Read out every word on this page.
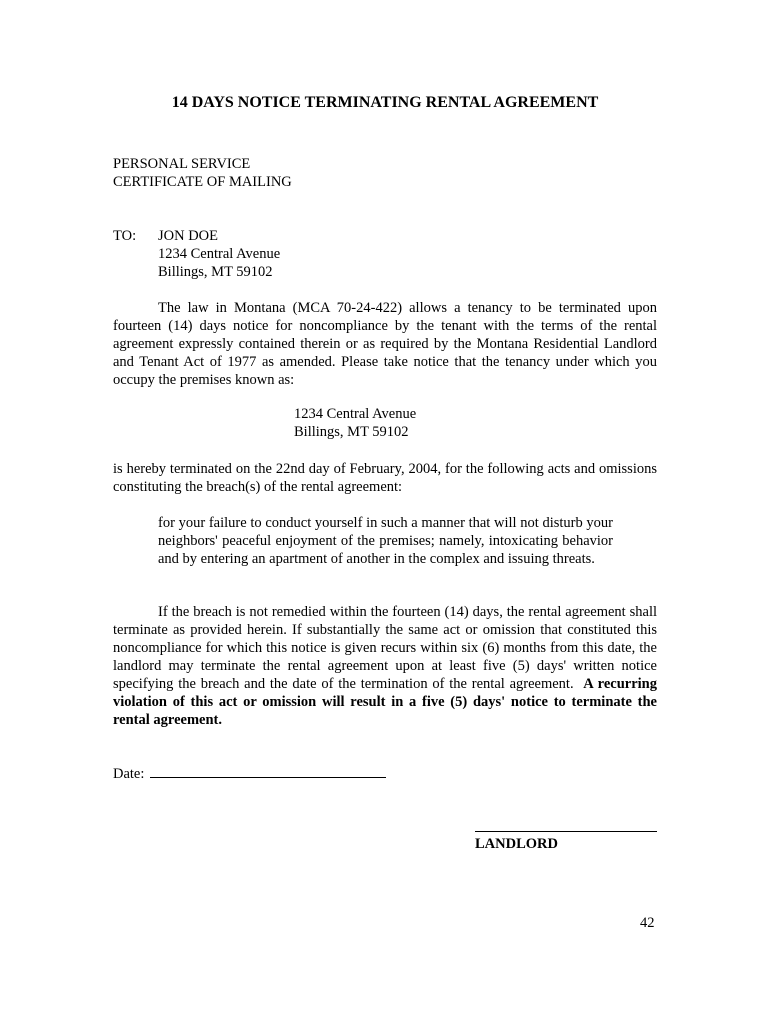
14 DAYS NOTICE TERMINATING RENTAL AGREEMENT
PERSONAL SERVICE
CERTIFICATE OF MAILING
TO: JON DOE
1234 Central Avenue
Billings, MT 59102
The law in Montana (MCA 70-24-422) allows a tenancy to be terminated upon fourteen (14) days notice for noncompliance by the tenant with the terms of the rental agreement expressly contained therein or as required by the Montana Residential Landlord and Tenant Act of 1977 as amended. Please take notice that the tenancy under which you occupy the premises known as:
1234 Central Avenue
Billings, MT 59102
is hereby terminated on the 22nd day of February, 2004, for the following acts and omissions constituting the breach(s) of the rental agreement:
for your failure to conduct yourself in such a manner that will not disturb your neighbors' peaceful enjoyment of the premises; namely, intoxicating behavior and by entering an apartment of another in the complex and issuing threats.
If the breach is not remedied within the fourteen (14) days, the rental agreement shall terminate as provided herein. If substantially the same act or omission that constituted this noncompliance for which this notice is given recurs within six (6) months from this date, the landlord may terminate the rental agreement upon at least five (5) days' written notice specifying the breach and the date of the termination of the rental agreement. A recurring violation of this act or omission will result in a five (5) days' notice to terminate the rental agreement.
Date:
LANDLORD
42
